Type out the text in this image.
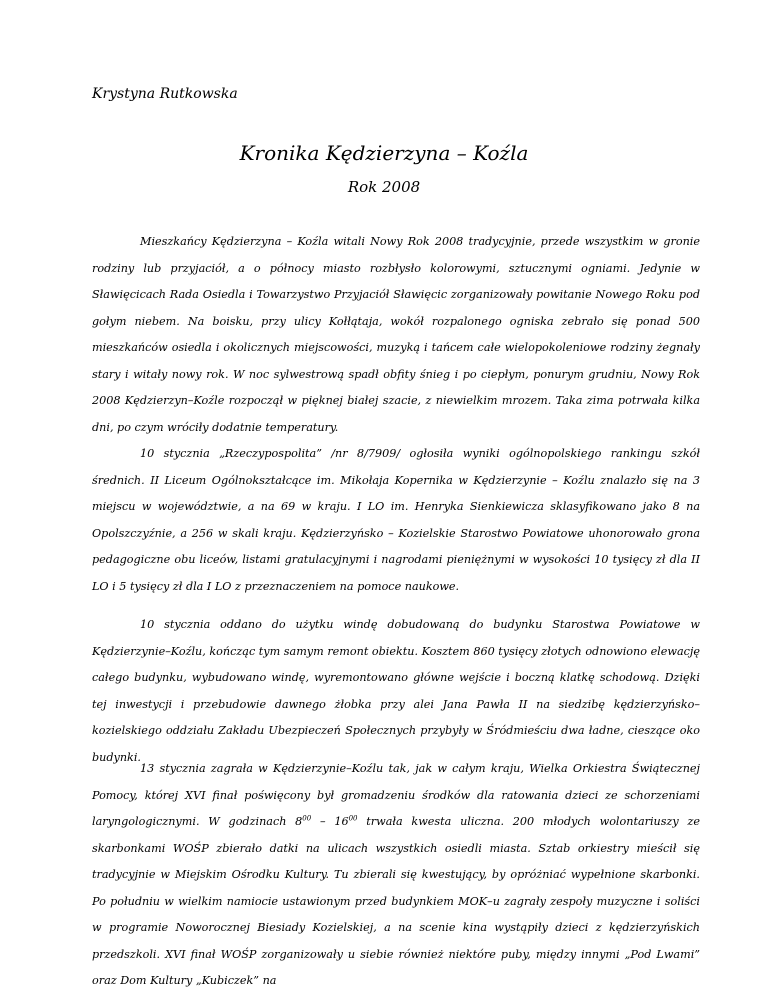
Krystyna Rutkowska
Kronika Kędzierzyna – Koźla
Rok 2008

Mieszkańcy Kędzierzyna – Koźla witali Nowy Rok 2008 tradycyjnie, przede wszystkim w gronie rodziny lub przyjaciół, a o północy miasto rozbłysło kolorowymi, sztucznymi ogniami. Jedynie w Sławięcicach Rada Osiedla i Towarzystwo Przyjaciół Sławięcic zorganizowały powitanie Nowego Roku pod gołym niebem. Na boisku, przy ulicy Kołłątaja, wokół rozpalonego ogniska zebrało się ponad 500 mieszkańców osiedla i okolicznych miejscowości, muzyką i tańcem całe wielopokoleniowe rodziny żegnały stary i witały nowy rok. W noc sylwestrową spadł obfity śnieg i po ciepłym, ponurym grudniu, Nowy Rok 2008 Kędzierzyn–Koźle rozpoczął w pięknej białej szacie, z niewielkim mrozem. Taka zima potrwała kilka dni, po czym wróciły dodatnie temperatury.

10 stycznia „Rzeczypospolita” /nr 8/7909/ ogłosiła wyniki ogólnopolskiego rankingu szkół średnich. II Liceum Ogólnokształcące im. Mikołaja Kopernika w Kędzierzynie – Koźlu znalazło się na 3 miejscu w województwie, a na 69 w kraju. I LO im. Henryka Sienkiewicza sklasyfikowano jako 8 na Opolszczyźnie, a 256 w skali kraju. Kędzierzyńsko – Kozielskie Starostwo Powiatowe uhonorowało grona pedagogiczne obu liceów, listami gratulacyjnymi i nagrodami pieniężnymi w wysokości 10 tysięcy zł dla II LO i 5 tysięcy zł dla I LO z przeznaczeniem na pomoce naukowe.

10 stycznia oddano do użytku windę dobudowaną do budynku Starostwa Powiatowe w Kędzierzynie–Koźlu, kończąc tym samym remont obiektu. Kosztem 860 tysięcy złotych odnowiono elewację całego budynku, wybudowano windę, wyremontowano główne wejście i boczną klatkę schodową. Dzięki tej inwestycji i przebudowie dawnego żłobka przy alei Jana Pawła II na siedzibę kędzierzyńsko–kozielskiego oddziału Zakładu Ubezpieczeń Społecznych przybyły w Śródmieściu dwa ładne, cieszące oko budynki.

13 stycznia zagrała w Kędzierzynie–Koźlu tak, jak w całym kraju, Wielka Orkiestra Świątecznej Pomocy, której XVI finał poświęcony był gromadzeniu środków dla ratowania dzieci ze schorzeniami laryngologicznymi. W godzinach $8^{00} - 16^{00}$ trwała kwesta uliczna. 200 młodych wolontariuszy ze skarbonkami WOŚP zbierało datki na ulicach wszystkich osiedli miasta. Sztab orkiestry mieścił się tradycyjnie w Miejskim Ośrodku Kultury. Tu zbierali się kwestujący, by opróżniać wypełnione skarbonki. Po południu w wielkim namiocie ustawionym przed budynkiem MOK–u zagrały zespoły muzyczne i soliści w programie Noworocznej Biesiady Kozielskiej, a na scenie kina wystąpiły dzieci z kędzierzyńskich przedszkoli. XVI finał WOŚP zorganizowały u siebie również niektóre puby, między innymi „Pod Lwami” oraz Dom Kultury „Kubiczek” na
